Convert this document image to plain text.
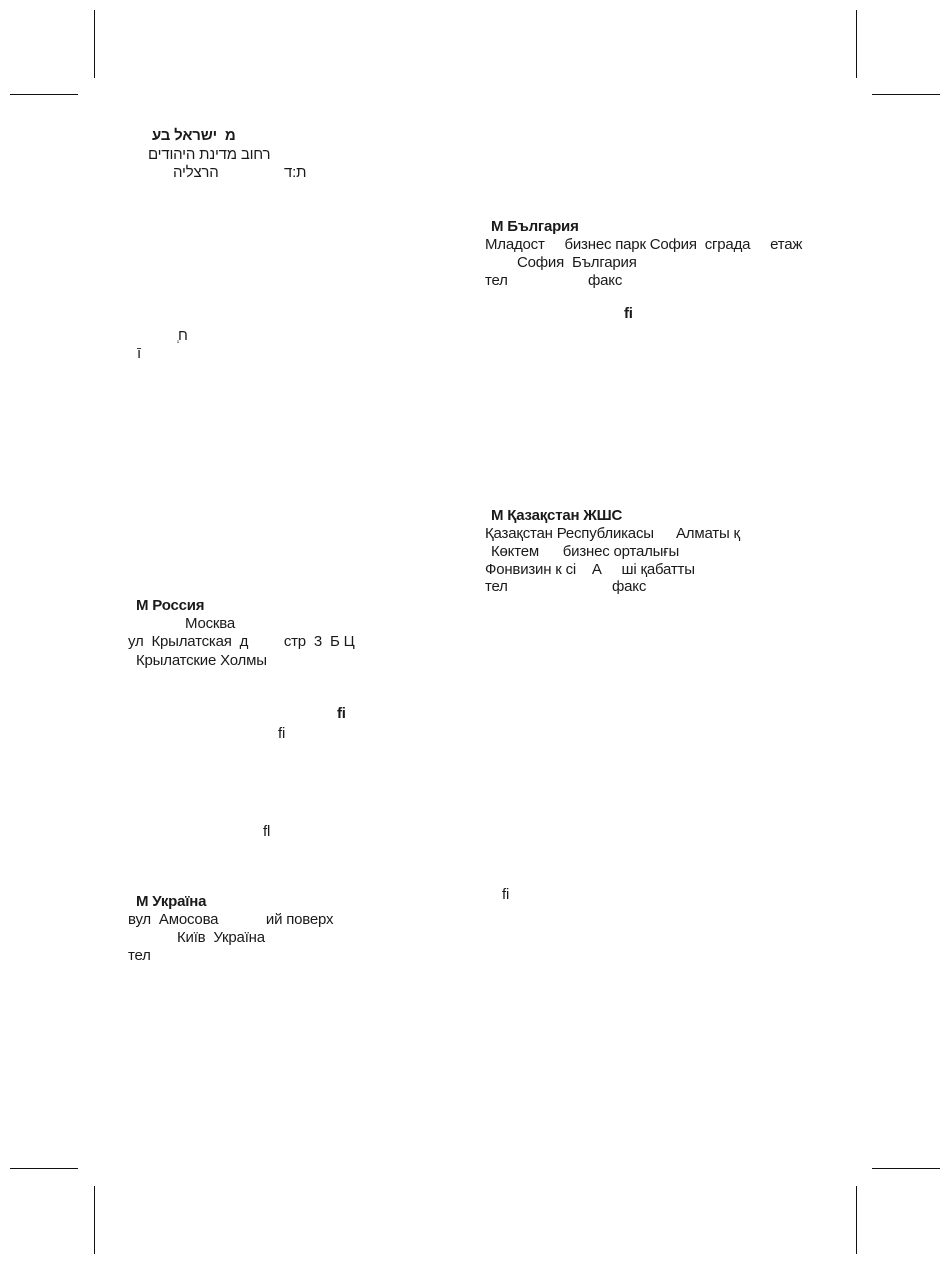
מ  ישראל בע
רחוב מדינת היהודים
הרצליה	ת:ד
ְח
ī
M България
Младост     бизнес парк София  сграда     етаж
София  България
тел	факс
fi
M Қазақстан ЖШС
Қазақстан Республикасы Алматы қ
Көктем      бизнес орталығы
Фонвизин к сі    А     ші қабатты
тел	факс
M Россия
Москва
ул  Крылатская  д         стр  3  Б Ц
Крылатские Холмы
fi
fi
fl
fi
M Україна
вул  Амосова            ий поверх
Київ  Україна
тел
